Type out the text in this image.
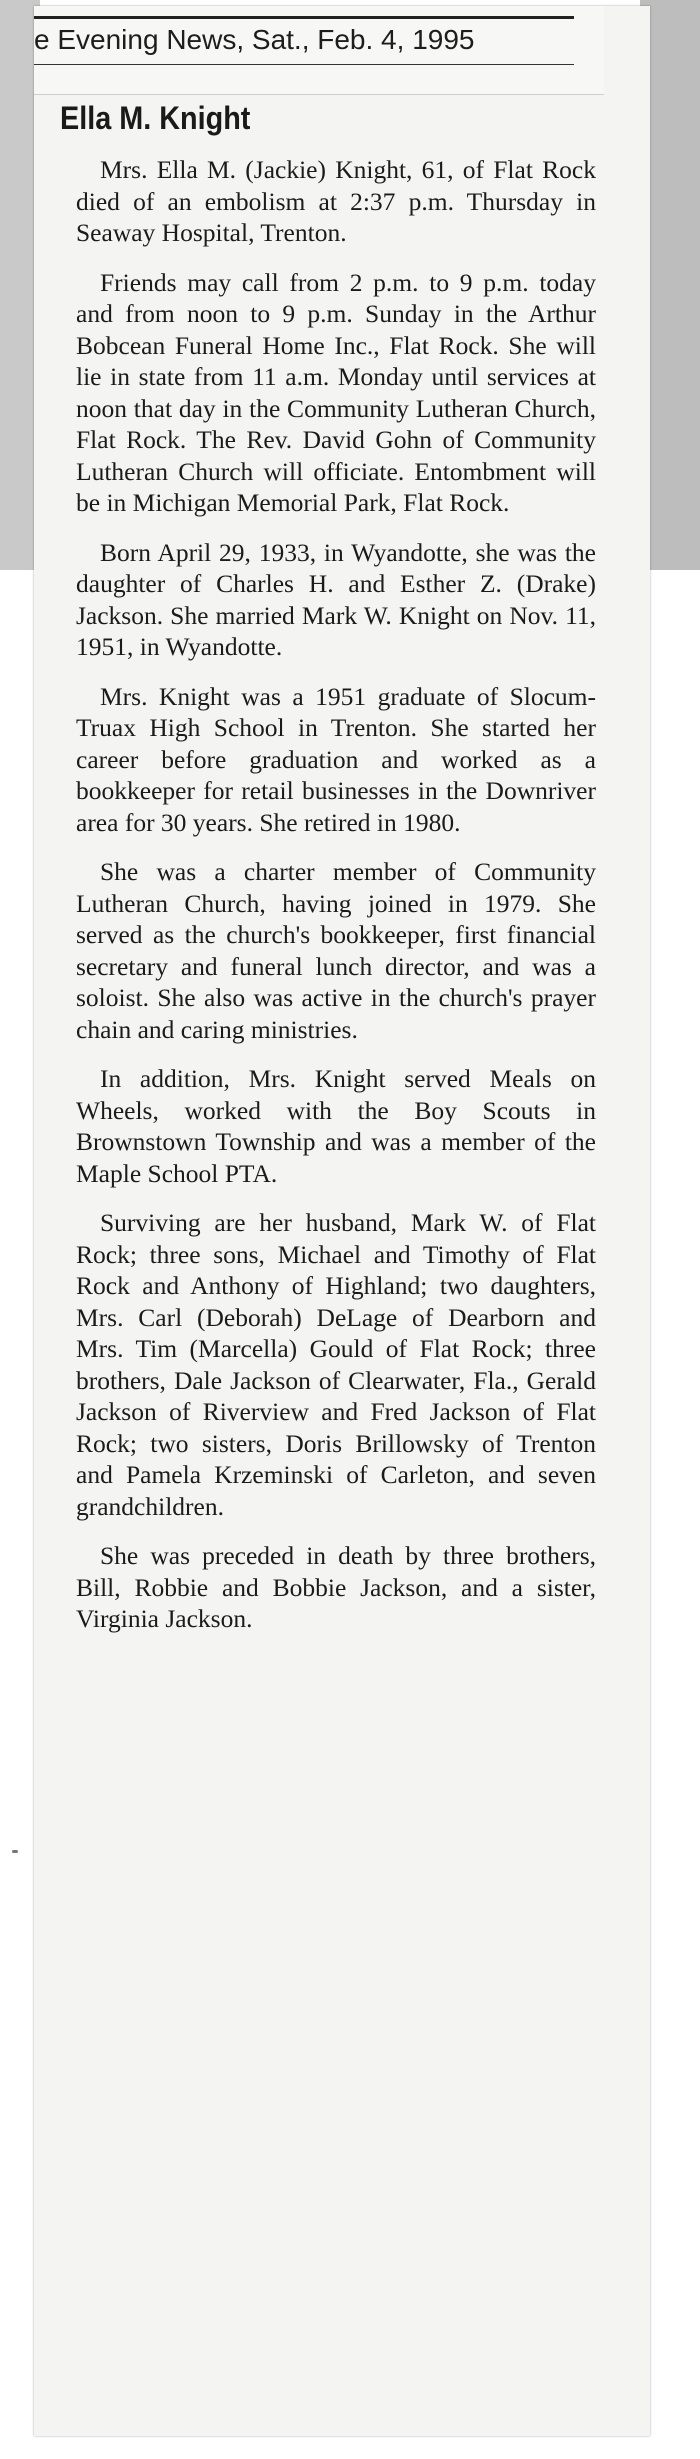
e Evening News, Sat., Feb. 4, 1995
Ella M. Knight

Mrs. Ella M. (Jackie) Knight, 61, of Flat Rock died of an embolism at 2:37 p.m. Thursday in Seaway Hospital, Trenton.

Friends may call from 2 p.m. to 9 p.m. today and from noon to 9 p.m. Sunday in the Arthur Bobcean Funeral Home Inc., Flat Rock. She will lie in state from 11 a.m. Monday until services at noon that day in the Community Lutheran Church, Flat Rock. The Rev. David Gohn of Community Lutheran Church will officiate. Entombment will be in Michigan Memorial Park, Flat Rock.

Born April 29, 1933, in Wyandotte, she was the daughter of Charles H. and Esther Z. (Drake) Jackson. She married Mark W. Knight on Nov. 11, 1951, in Wyandotte.

Mrs. Knight was a 1951 graduate of Slocum-Truax High School in Trenton. She started her career before graduation and worked as a bookkeeper for retail businesses in the Downriver area for 30 years. She retired in 1980.

She was a charter member of Community Lutheran Church, having joined in 1979. She served as the church's bookkeeper, first financial secretary and funeral lunch director, and was a soloist. She also was active in the church's prayer chain and caring ministries.

In addition, Mrs. Knight served Meals on Wheels, worked with the Boy Scouts in Brownstown Township and was a member of the Maple School PTA.

Surviving are her husband, Mark W. of Flat Rock; three sons, Michael and Timothy of Flat Rock and Anthony of Highland; two daughters, Mrs. Carl (Deborah) DeLage of Dearborn and Mrs. Tim (Marcella) Gould of Flat Rock; three brothers, Dale Jackson of Clearwater, Fla., Gerald Jackson of Riverview and Fred Jackson of Flat Rock; two sisters, Doris Brillowsky of Trenton and Pamela Krzeminski of Carleton, and seven grandchildren.

She was preceded in death by three brothers, Bill, Robbie and Bobbie Jackson, and a sister, Virginia Jackson.
